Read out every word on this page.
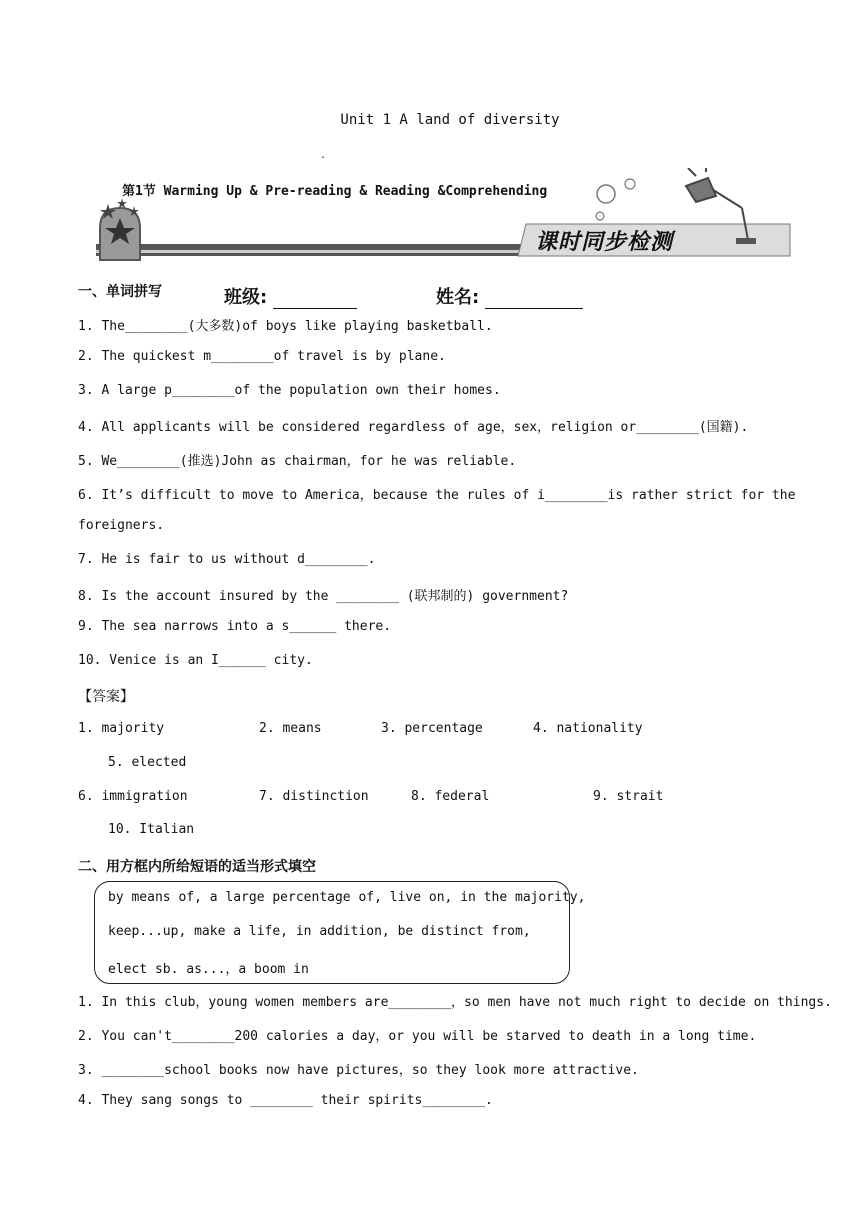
Unit 1 A land of diversity
.
第1节 Warming Up & Pre-reading & Reading &Comprehending
课时同步检测
一、单词拼写	班级:	姓名:
1. The________(大多数)of boys like playing basketball.
2. The quickest m________of travel is by plane.
3. A large p________of the population own their homes.
4. All applicants will be considered regardless of age，sex，religion or________(国籍).
5. We________(推选)John as chairman，for he was reliable.
6. It’s difficult to move to America，because the rules of i________is rather strict for the
foreigners.
7. He is fair to us without d________.
8. Is the account insured by the ________ (联邦制的) government?
9. The sea narrows into a s______ there.
10. Venice is an I______ city.
【答案】
1. majority	2. means	3. percentage	4. nationality
5. elected
6. immigration	7. distinction	8. federal	9. strait
10. Italian
二、用方框内所给短语的适当形式填空
by means of, a large percentage of, live on, in the majority,
keep...up, make a life, in addition, be distinct from,
elect sb. as...，a boom in
1. In this club，young women members are________，so men have not much right to decide on things.
2. You can't________200 calories a day，or you will be starved to death in a long time.
3. ________school books now have pictures，so they look more attractive.
4. They sang songs to ________ their spirits________.
